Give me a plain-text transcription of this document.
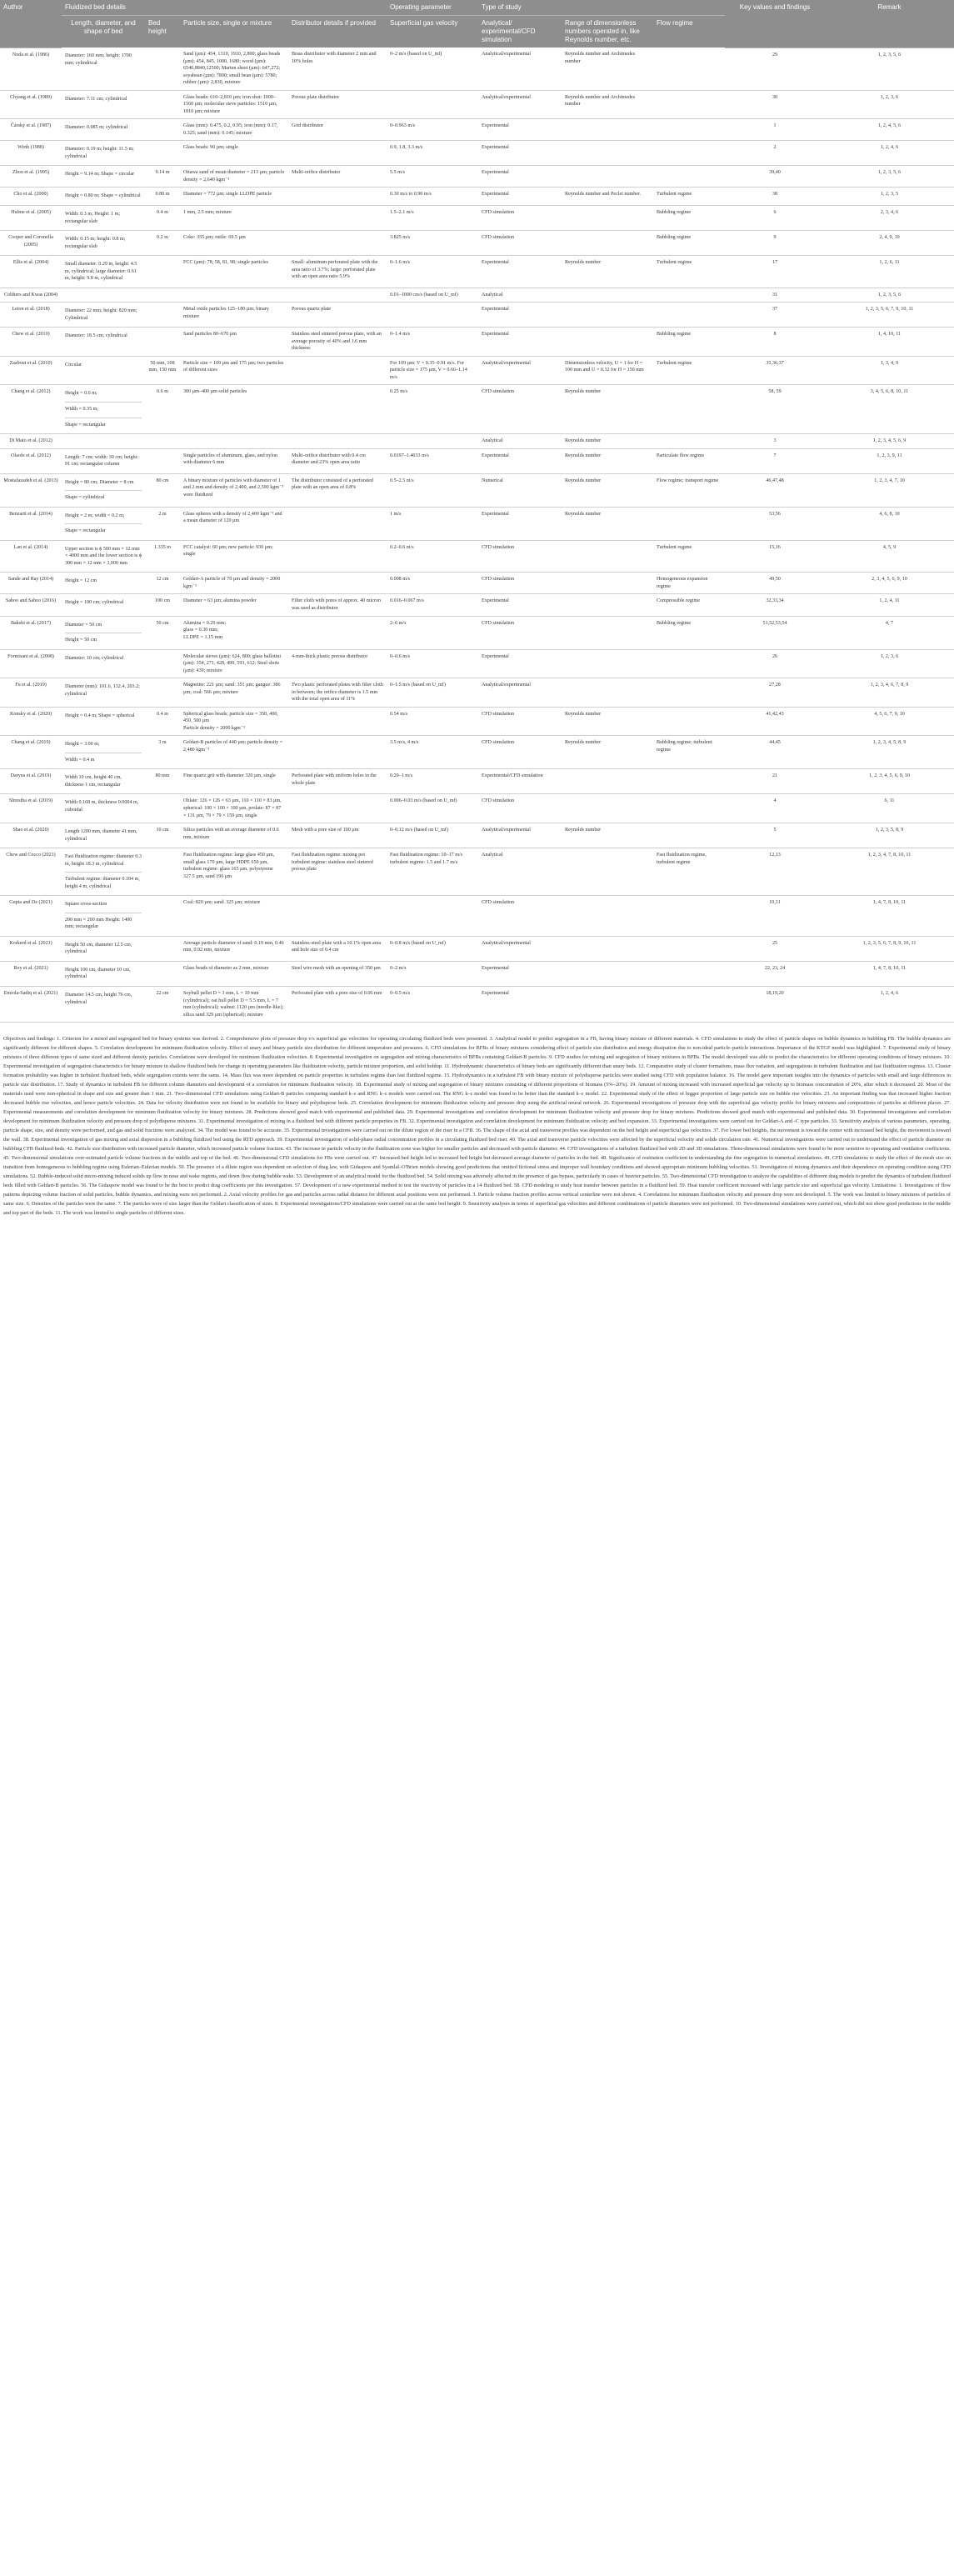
Author	Fluidized bed details				Operating parameter	Type of study			Key values and findings	Remark
	Length, diameter, and shape of bed	Bed height	Particle size, single or mixture	Distributor details if provided	Superficial gas velocity	Analytical/ experimental/CFD simulation	Range of dimensionless numbers operated in, like Reynolds number, etc.	Flow regime		
Noda et al. (1986)	Diameter: 160 mm; height: 1700 mm; cylindrical		Sand (µm): 454, 1310, 1910, 2,800; glass beads (µm): 454, 845, 1000, 1680; wood (µm): 6540,8840,12500; Marten sheet (µm): 647,272; soyabean (µm): 7800; small bean (µm): 5780; rubber (µm): 2,830, mixture	Brass distributor with diameter 2 mm and 10% holes	0–2 m/s (based on U_mf)	Analytical/experimental	Reynolds number and Archimedes number		29	1, 2, 3, 5, 6
Chyang et al. (1989)	Diameter: 7.11 cm; cylindrical		Glass beads: 610–2,810 µm; iron shot: 1000–1560 µm; molecular sieve particles: 1510 µm, 1810 µm; mixture	Porous plate distributor		Analytical/experimental	Reynolds number and Archimedes number		30	1, 2, 3, 6
Čárský et al. (1987)	Diameter: 0.085 m; cylindrical		Glass (mm): 0.475, 0.2, 0.95; iron (mm): 0.17, 0.325; sand (mm): 0.145; mixture	Grid distributor	0–0.963 m/s	Experimental			1	1, 2, 4, 5, 6
Wirth (1988)	Diameter: 0.19 m; height: 11.5 m; cylindrical		Glass beads: 90 µm; single		0.9, 1.8, 3.3 m/s	Experimental			2	1, 2, 4, 6
Zhou et al. (1995)	Height = 9.14 m; Shape = circular	9.14 m	Ottawa sand of mean diameter = 213 µm; particle density = 2,640 kgm⁻³	Multi-orifice distributor	5.5 m/s	Experimental			39,40	1, 2, 3, 5, 6
Cho et al. (2000)	Height = 0.80 m; Shape = cylindrical	0.80 m	Diameter = 772 µm; single LLDPE particle		0.30 m/s to 0.90 m/s	Experimental	Reynolds number and Peclet number.	Turbulent regime	38	1, 2, 3, 5
Hulme et al. (2005)	Width: 0.3 m; Height: 1 m; rectangular slab	0.4 m	1 mm, 2.5 mm; mixture		1.5–2.1 m/s	CFD simulation		Bubbling regime	6	2, 3, 4, 6
Cooper and Coronella (2005)	Width: 0.15 m; height: 0.8 m; rectangular slab	0.2 m	Coke: 355 µm; rutile: 69.5 µm		3.825 m/s	CFD simulation		Bubbling regime	9	2, 4, 9, 10
Ellis et al. (2004)	Small diameter: 0.29 m, height: 4.5 m, cylindrical; large diameter: 0.61 m, height: 9.8 m, cylindrical		FCC (µm): 78, 58, 81, 98; single particles	Small: aluminum perforated plate with the area ratio of 3.7%; large: perforated plate with an open area ratio 5.9%	0–1.6 m/s	Experimental	Reynolds number	Turbulent regime	17	1, 2, 6, 11
Colthers and Kwas (2004)					0.01–1000 cm/s (based on U_mf)	Analytical			31	1, 2, 3, 5, 6
Leion et al. (2018)	Diameter: 22 mm; height: 820 mm; Cylindrical		Metal oxide particles 125–180 µm; binary mixture	Porous quartz plate		Experimental			37	1, 2, 3, 5, 6, 7, 9, 10, 11
Chew et al. (2010)	Diameter: 18.5 cm; cylindrical		Sand particles 80–670 µm	Stainless steel sintered porous plate, with an average porosity of 40% and 1.6 mm thickness	0–1.4 m/s	Experimental		Bubbling regime	8	1, 4, 10, 11
Zaabout et al. (2010)	Circular	50 mm, 108 mm, 150 mm	Particle size = 109 µm and 175 µm; two particles of different sizes		For 109 µm: V = 0.35–0.91 m/s. For particle size = 175 µm, V = 0.66–1.14 m/s	Analytical/experimental	Dimensionless velocity, U = 1 for H = 100 mm and U = 0.32 for H = 150 mm	Turbulent regime	35,36,37	1, 3, 4, 9
Chang et al. (2012)	Height = 0.6 m;
Width = 0.35 m;
Shape = rectangular	0.6 m	300 µm–400 µm solid particles		0.25 m/s	CFD simulation	Reynolds number		58, 59	3, 4, 5, 6, 8, 10, 11
Di Maio et al. (2012)						Analytical	Reynolds number		3	1, 2, 3, 4, 5, 6, 9
Olaofe et al. (2012)	Length: 7 cm; width: 30 cm; height: 91 cm; rectangular column		Single particles of aluminum, glass, and nylon with diameter 6 mm	Multi-orifice distributor with 0.4 cm diameter and 23% open area ratio	0.0197–1.4033 m/s	Experimental	Reynolds number	Particulate flow regime	7	1, 2, 3, 9, 11
Mostafazadeh et al. (2013)	Height = 80 cm; Diameter = 8 cm
Shape = cylindrical	80 cm	A binary mixture of particles with diameter of 1 and 2 mm and density of 2,400, and 2,500 kgm⁻³ were fluidized	The distributor consisted of a perforated plate with an open area of 0.8%	0.5–2.5 m/s	Numerical	Reynolds number	Flow regime; transport regime	46,47,48	1, 2, 3, 4, 7, 10
Benzarti et al. (2014)	Height = 2 m; width = 0.2 m;
Shape = rectangular	2 m	Glass spheres with a density of 2,400 kgm⁻³ and a mean diameter of 120 µm		1 m/s	Experimental	Reynolds number		53,56	4, 6, 8, 10
Lan et al. (2014)	Upper section is ϕ 500 mm × 12 mm × 4000 mm and the lower section is ϕ 300 mm × 12 mm × 3,000 mm	1.335 m	FCC catalyst: 60 µm; new particle: 930 µm; single		0.2–0.6 m/s	CFD simulation		Turbulent regime	15,16	4, 5, 9
Sande and Ray (2014)	Height = 12 cm	12 cm	Geldart-A particle of 70 µm and density = 2000 kgm⁻³		0.008 m/s	CFD simulation		Homogeneous expansion regime	49,50	2, 3, 4, 5, 6, 9, 10
Sahoo and Sahoo (2016)	Height = 100 cm; cylindrical	100 cm	Diameter = 63 µm; alumina powder	Filter cloth with pores of approx. 40 micron was used as distributor	0.016–0.067 m/s	Experimental		Compressible regime	32,33,34	1, 2, 4, 11
Bakshi et al. (2017)	Diameter = 50 cm
Height = 50 cm	50 cm	Alumina = 0.29 mm;
glass = 0.30 mm;
LLDPE = 1.15 mm		2–6 m/s	CFD simulation		Bubbling regime	51,52,53,54	4, 7
Formisani et al. (2008)	Diameter: 10 cm; cylindrical		Molecular sieves (µm): 624, 800; glass ballotini (µm): 354, 271, 428, 499, 593, 612; Steel shots (µm): 439; mixture	4-mm-thick plastic porous distributor	0–0.6 m/s	Experimental			26	1, 2, 3, 6
Fu et al. (2019)	Diameter (mm): 101.6, 132.4, 203.2; cylindrical		Magnetite: 221 µm; sand: 351 µm; gangue: 386 µm; coal: 566 µm; mixture	Two plastic perforated plates with filter cloth in between; the orifice diameter is 1.5 mm with the total open area of 11%	0–1.5 m/s (based on U_mf)	Analytical/experimental			27,28	1, 2, 3, 4, 6, 7, 8, 9
Konsky et al. (2020)	Height = 0.4 m; Shape = spherical	0.4 m	Spherical glass beads; particle size = 350, 400, 450, 500 µm
Particle density = 2000 kgm⁻³		0.54 m/s	CFD simulation	Reynolds number		41,42,43	4, 5, 6, 7, 9, 10
Chang et al. (2019)	Height = 3.00 m,
Width = 0.4 m	3 m	Geldart-B particles of 440 µm; particle density = 2,480 kgm⁻³		3.5 m/s, 4 m/s	CFD simulation	Reynolds number	Bubbling regime; turbulent regime	44,45	1, 2, 3, 4, 5, 8, 9
Daryus et al. (2019)	Width 10 cm, height 40 cm, thickness 1 cm, rectangular	80 mm	Fine quartz grit with diameter 320 µm, single	Perforated plate with uniform holes in the whole plate	0.20–1 m/s	Experimental/CFD simulation			21	1, 2, 3, 4, 5, 6, 9, 10
Shrestha et al. (2019)	Width 0.168 m, thickness 0.0004 m, cuboidal		Oblate: 126 × 126 × 63 µm, 110 × 110 × 83 µm, spherical: 100 × 100 × 100 µm, prolate: 87 × 87 × 131 µm, 79 × 79 × 159 µm, single		0.006–0.03 m/s (based on U_mf)	CFD simulation			4	6, 11
Shao et al. (2020)	Length 1200 mm, diameter 41 mm, cylindrical	10 cm	Silica particles with an average diameter of 0.6 mm, mixture	Mesh with a pore size of 100 µm	0–0.12 m/s (based on U_mf)	Analytical/experimental	Reynolds number		5	1, 2, 3, 5, 8, 9
Chew and Cocco (2021)	Fast fluidization regime: diameter 0.3 m, height 18.3 m, cylindrical
Turbulent regime: diameter 0.184 m, height 4 m, cylindrical		Fast fluidization regime: large glass 450 µm, small glass 170 µm, large HDPE 650 µm, turbulent regime: glass 165 µm, polystyrene 327.5 µm, sand 196 µm	Fast fluidization regime: mixing pot
turbulent regime: stainless steel sintered porous plate	Fast fluidization regime: 10–17 m/s
turbulent regime: 1.5 and 1.7 m/s	Analytical		Fast fluidization regime, turbulent regime	12,13	1, 2, 3, 4, 7, 8, 10, 11
Gupta and De (2021)	Square cross-section
200 mm × 200 mm Height: 1400 mm; rectangular		Coal: 820 µm; sand: 325 µm; mixture			CFD simulation			10,11	1, 4, 7, 8, 10, 11
Korkerd et al. (2021)	Height 50 cm, diameter 12.5 cm, cylindrical		Average particle diameter of sand: 0.19 mm, 0.46 mm, 0.92 mm, mixture	Stainless-steel plate with a 10.1% open area and hole size of 0.4 cm	0–0.8 m/s (based on U_mf)	Analytical/experimental			25	1, 2, 3, 5, 6, 7, 8, 9, 10, 11
Roy et al. (2021)	Height 100 cm, diameter 10 cm, cylindrical		Glass beads of diameter as 2 mm, mixture	Steel wire mesh with an opening of 350 µm	0–2 m/s	Experimental			22, 23, 24	1, 4, 7, 8, 10, 11
Emiola-Sadiq et al. (2021)	Diameter 14.5 cm, height 76 cm, cylindrical	22 cm	Soybull pellet D = 3 mm, L = 10 mm (cylindrical); oat hull pellet D = 5.5 mm, L = 7 mm (cylindrical); walnut: 1120 µm (needle-like); silica sand 329 µm (spherical); mixture	Perforated plate with a pore size of 0.06 mm	0–0.5 m/s	Experimental			18,19,20	1, 2, 4, 6

Objectives and findings: 1. Criterion for a mixed and segregated bed for binary systems was derived. 2. Comprehensive plots of pressure drop v/s superficial gas velocities for operating circulating fluidized beds were presented. 3. Analytical model to predict segregation in a FB, having binary mixture of different materials. 4. CFD simulations to study the effect of particle shapes on bubble dynamics in bubbling FB. The bubble dynamics are significantly different for different shapes. 5. Correlation development for minimum fluidization velocity. Effect of unary and binary particle size distribution for different temperature and pressures. 6. CFD simulations for BFBs of binary mixtures considering effect of particle size distribution and energy dissipation due to non-ideal particle–particle interactions. Importance of the KTGF model was highlighted. 7. Experimental study of binary mixtures of three different types of same sized and different density particles. Correlations were developed for minimum fluidization velocities. 8. Experimental investigation on segregation and mixing characteristics of BFBs containing Geldart-B particles. 9. CFD studies for mixing and segregation of binary mixtures in BFBs. The model developed was able to predict the characteristics for different operating conditions of binary mixtures. 10. Experimental investigation of segregation characteristics for binary mixture in shallow fluidized beds for change in operating parameters like fluidization velocity, particle mixture proportion, and solid holdup. 11. Hydrodynamic characteristics of binary beds are significantly different than unary beds. 12. Comparative study of cluster formations, mass flux variation, and segregations in turbulent fluidization and fast fluidization regimes. 13. Cluster formation probability was higher in turbulent fluidized beds, while segregation extents were the same. 14. Mass flux was more dependent on particle properties in turbulent regime than fast fluidized regime. 15. Hydrodynamics in a turbulent FB with binary mixture of polydisperse particles were studied using CFD with population balance. 16. The model gave important insights into the dynamics of particles with small and large differences in particle size distribution. 17. Study of dynamics in turbulent FB for different column diameters and development of a correlation for minimum fluidization velocity. 18. Experimental study of mixing and segregation of binary mixtures consisting of different proportions of biomass (5%–20%). 19. Amount of mixing increased with increased superficial gas velocity up to biomass concentration of 20%, after which it decreased. 20. Most of the materials used were non-spherical in shape and size and greater than 1 mm. 21. Two-dimensional CFD simulations using Geldart-B particles comparing standard k–ε and RNG k–ε models were carried out. The RNG k–ε model was found to be better than the standard k–ε model. 22. Experimental study of the effect of bigger proportion of large particle size on bubble rise velocities. 23. An important finding was that increased higher fraction decreased bubble rise velocities, and hence particle velocities. 24. Data for velocity distribution were not found to be available for binary and polydisperse beds. 25. Correlation development for minimum fluidization velocity and pressure drop using the artificial neural network. 26. Experimental investigations of pressure drop with the superficial gas velocity profile for binary mixtures and compositions of particles at different places. 27. Experimental measurements and correlation development for minimum fluidization velocity for binary mixtures. 28. Predictions showed good match with experimental and published data. 29. Experimental investigations and correlation development for minimum fluidization velocity and pressure drop for binary mixtures. Predictions showed good match with experimental and published data. 30. Experimental investigations and correlation development for minimum fluidization velocity and pressure drop of polydisperse mixtures. 31. Experimental investigation of mixing in a fluidized bed with different particle properties in FB. 32. Experimental investigation and correlation development for minimum fluidization velocity and bed expansion. 33. Experimental investigations were carried out for Geldart-A and -C type particles. 33. Sensitivity analysis of various parameters, operating, particle shape, size, and density were performed, and gas and solid fractions were analyzed. 34. The model was found to be accurate. 35. Experimental investigations were carried out on the dilute region of the riser in a CFB. 36. The shape of the axial and transverse profiles was dependent on the bed height and superficial gas velocities. 37. For lower bed heights, the movement is toward the center with increased bed height, the movement is toward the wall. 38. Experimental investigation of gas mixing and axial dispersion in a bubbling fluidized bed using the RTD approach. 39. Experimental investigation of solid-phase radial concentration profiles in a circulating fluidized bed riser. 40. The axial and transverse particle velocities were affected by the superficial velocity and solids circulation rate. 41. Numerical investigations were carried out to understand the effect of particle diameter on bubbling CFB fluidized beds. 42. Particle size distribution with increased particle diameter, which increased particle volume fraction. 43. The increase in particle velocity in the fluidization zone was higher for smaller particles and decreased with particle diameter. 44. CFD investigations of a turbulent fluidized bed with 2D and 3D simulations. Three-dimensional simulations were found to be more sensitive to operating and ventilation coefficients. 45. Two-dimensional simulations over-estimated particle volume fractions in the middle and top of the bed. 46. Two-dimensional CFD simulations for FBs were carried out. 47. Increased bed height led to increased bed height but decreased average diameter of particles in the bed. 48. Significance of restitution coefficient in understanding the fine segregation in numerical simulations. 49. CFD simulations to study the effect of the mesh size on transition from homogeneous to bubbling regime using Eulerian–Eulerian models. 50. The presence of a dilute region was dependent on selection of drag law, with Gidaspow and Syamlal–O'Brien models showing good predictions that omitted fictional stress and improper wall boundary conditions and showed appropriate minimum bubbling velocities. 51. Investigation of mixing dynamics and their dependence on operating condition using CFD simulations. 52. Bubble-induced solid micro-mixing induced solids up flow in nose and wake regions, and down flow during bubble wake. 53. Development of an analytical model for the fluidized bed. 54. Solid mixing was adversely affected in the presence of gas bypass, particularly in cases of heavier particles. 55. Two-dimensional CFD investigation to analyze the capabilities of different drag models to predict the dynamics of turbulent fluidized beds filled with Geldart-B particles. 56. The Gidaspow model was found to be the best to predict drag coefficients per this investigation. 57. Development of a new experimental method to test the reactivity of particles in a 14 fluidized bed. 58. CFD modeling to study heat transfer between particles in a fluidized bed. 59. Heat transfer coefficient increased with large particle size and superficial gas velocity. Limitations: 1. Investigations of flow patterns depicting volume fraction of solid particles, bubble dynamics, and mixing were not performed. 2. Axial velocity profiles for gas and particles across radial distance for different axial positions were not performed. 3. Particle volume fraction profiles across vertical centerline were not shown. 4. Correlations for minimum fluidization velocity and pressure drop were not developed. 5. The work was limited to binary mixtures of particles of same size. 6. Densities of the particles were the same. 7. The particles were of size larger than the Geldart classification of sizes. 8. Experimental investigations/CFD simulations were carried out at the same bed height. 9. Sensitivity analyses in terms of superficial gas velocities and different combinations of particle diameters were not performed. 10. Two-dimensional simulations were carried out, which did not show good predictions in the middle and top part of the beds. 11. The work was limited to single particles of different sizes.
